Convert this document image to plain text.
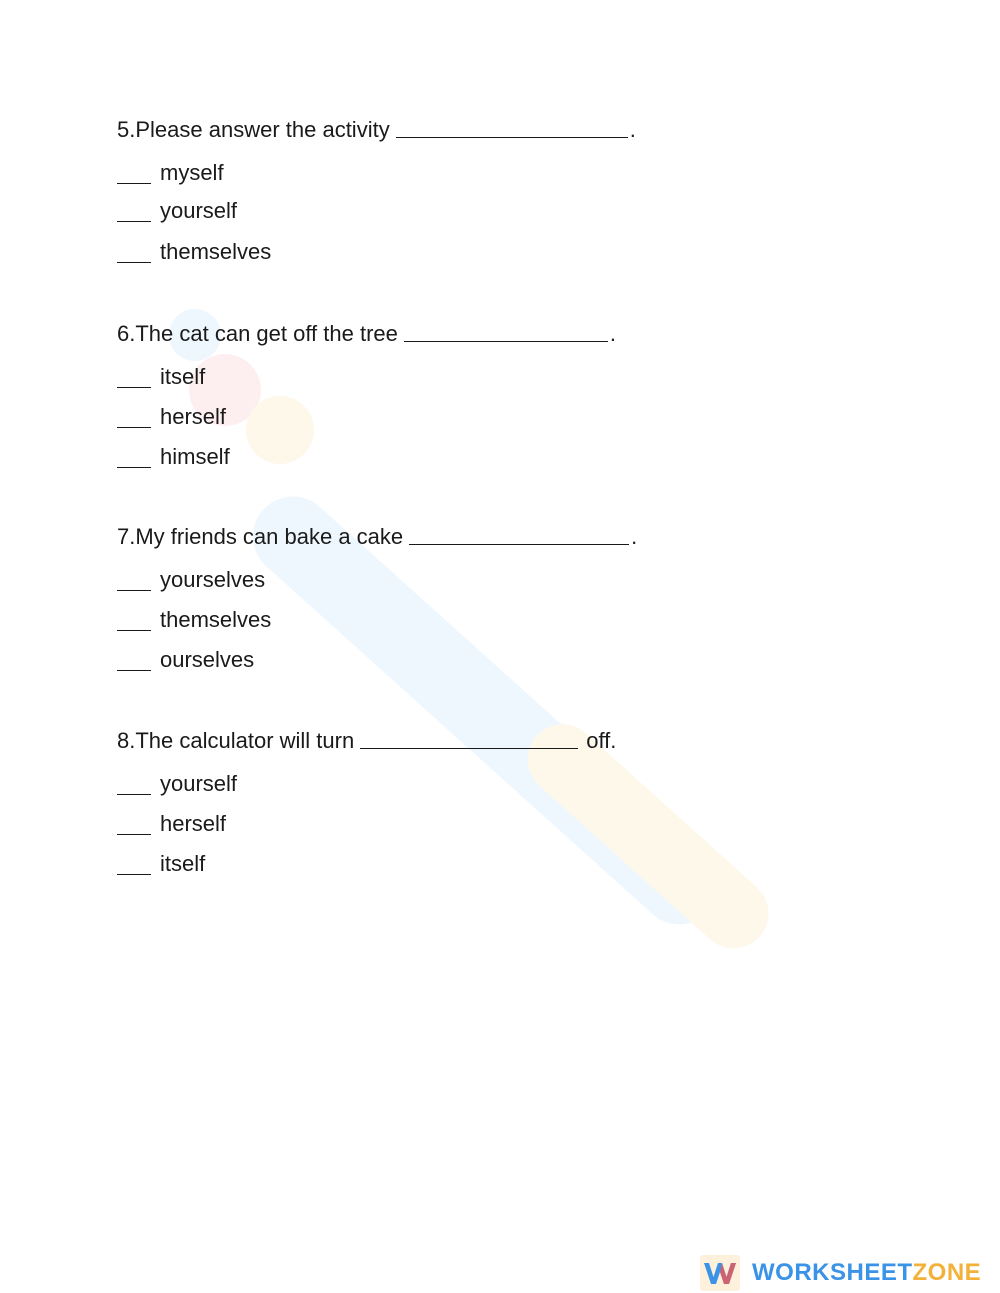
5.Please answer the activity	.
myself
yourself
themselves
6.The cat can get off the tree	.
itself
herself
himself
7.My friends can bake a cake	.
yourselves
themselves
ourselves
8.The calculator will turn	off.
yourself
herself
itself
WORKSHEETZONE
